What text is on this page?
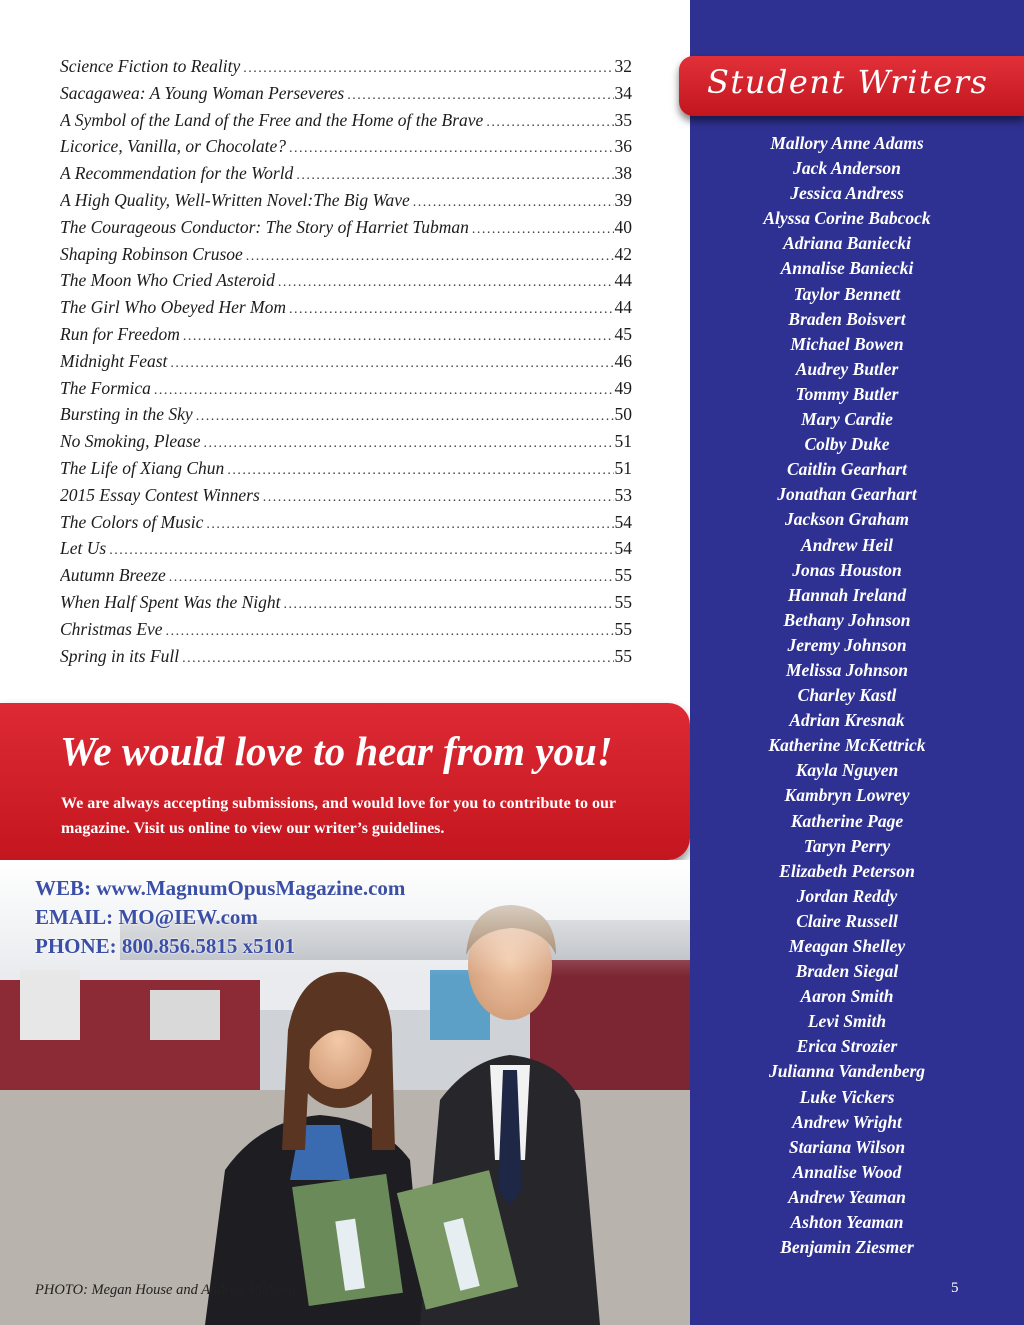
Science Fiction to Reality .....	32
Sacagawea: A Young Woman Perseveres .....	34
A Symbol of the Land of the Free and the Home of the Brave .....	35
Licorice, Vanilla, or Chocolate? .....	36
A Recommendation for the World .....	38
A High Quality, Well-Written Novel:The Big Wave .....	39
The Courageous Conductor: The Story of Harriet Tubman .....	40
Shaping Robinson Crusoe .....	42
The Moon Who Cried Asteroid .....	44
The Girl Who Obeyed Her Mom .....	44
Run for Freedom .....	45
Midnight Feast .....	46
The Formica .....	49
Bursting in the Sky .....	50
No Smoking, Please .....	51
The Life of Xiang Chun .....	51
2015 Essay Contest Winners .....	53
The Colors of Music .....	54
Let Us .....	54
Autumn Breeze .....	55
When Half Spent Was the Night .....	55
Christmas Eve .....	55
Spring in its Full .....	55
We would love to hear from you!
We are always accepting submissions, and would love for you to contribute to our magazine. Visit us online to view our writer’s guidelines.
WEB: www.MagnumOpusMagazine.com
EMAIL: MO@IEW.com
PHONE: 800.856.5815 x5101
PHOTO: Megan House and Andrew Pudewa
Student Writers
Mallory Anne Adams
Jack Anderson
Jessica Andress
Alyssa Corine Babcock
Adriana Baniecki
Annalise Baniecki
Taylor Bennett
Braden Boisvert
Michael Bowen
Audrey Butler
Tommy Butler
Mary Cardie
Colby Duke
Caitlin Gearhart
Jonathan Gearhart
Jackson Graham
Andrew Heil
Jonas Houston
Hannah Ireland
Bethany Johnson
Jeremy Johnson
Melissa Johnson
Charley Kastl
Adrian Kresnak
Katherine McKettrick
Kayla Nguyen
Kambryn Lowrey
Katherine Page
Taryn Perry
Elizabeth Peterson
Jordan Reddy
Claire Russell
Meagan Shelley
Braden Siegal
Aaron Smith
Levi Smith
Erica Strozier
Julianna Vandenberg
Luke Vickers
Andrew Wright
Stariana Wilson
Annalise Wood
Andrew Yeaman
Ashton Yeaman
Benjamin Ziesmer
5
